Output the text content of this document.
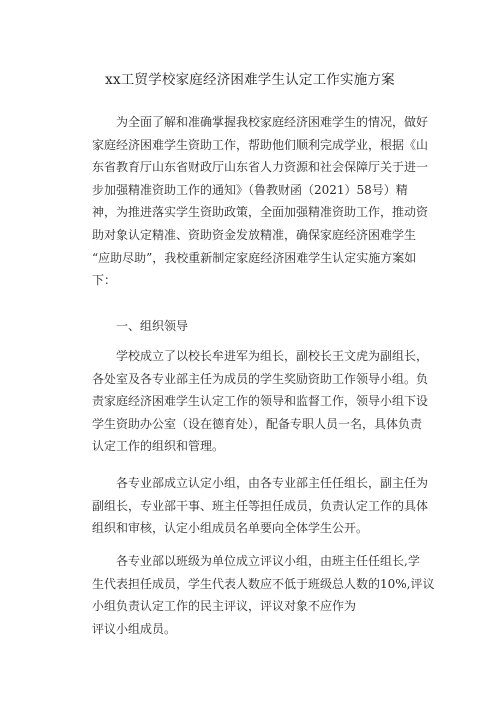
xx工贸学校家庭经济困难学生认定工作实施方案
为全面了解和准确掌握我校家庭经济困难学生的情况，做好
家庭经济困难学生资助工作，帮助他们顺利完成学业，根据《山
东省教育厅山东省财政厅山东省人力资源和社会保障厅关于进一
步加强精准资助工作的通知》（鲁教财函（2021）58号）精
神，为推进落实学生资助政策，全面加强精准资助工作，推动资
助对象认定精准、资助资金发放精准，确保家庭经济困难学生
“应助尽助”，我校重新制定家庭经济困难学生认定实施方案如
下：
一、组织领导
学校成立了以校长牟进军为组长，副校长王文虎为副组长，
各处室及各专业部主任为成员的学生奖励资助工作领导小组。负
责家庭经济困难学生认定工作的领导和监督工作，领导小组下设
学生资助办公室（设在德育处），配备专职人员一名，具体负责
认定工作的组织和管理。
各专业部成立认定小组，由各专业部主任任组长，副主任为
副组长，专业部干事、班主任等担任成员，负责认定工作的具体
组织和审核，认定小组成员名单要向全体学生公开。
各专业部以班级为单位成立评议小组，由班主任任组长,学
生代表担任成员，学生代表人数应不低于班级总人数的10%,评议
小组负责认定工作的民主评议，评议对象不应作为
评议小组成员。
